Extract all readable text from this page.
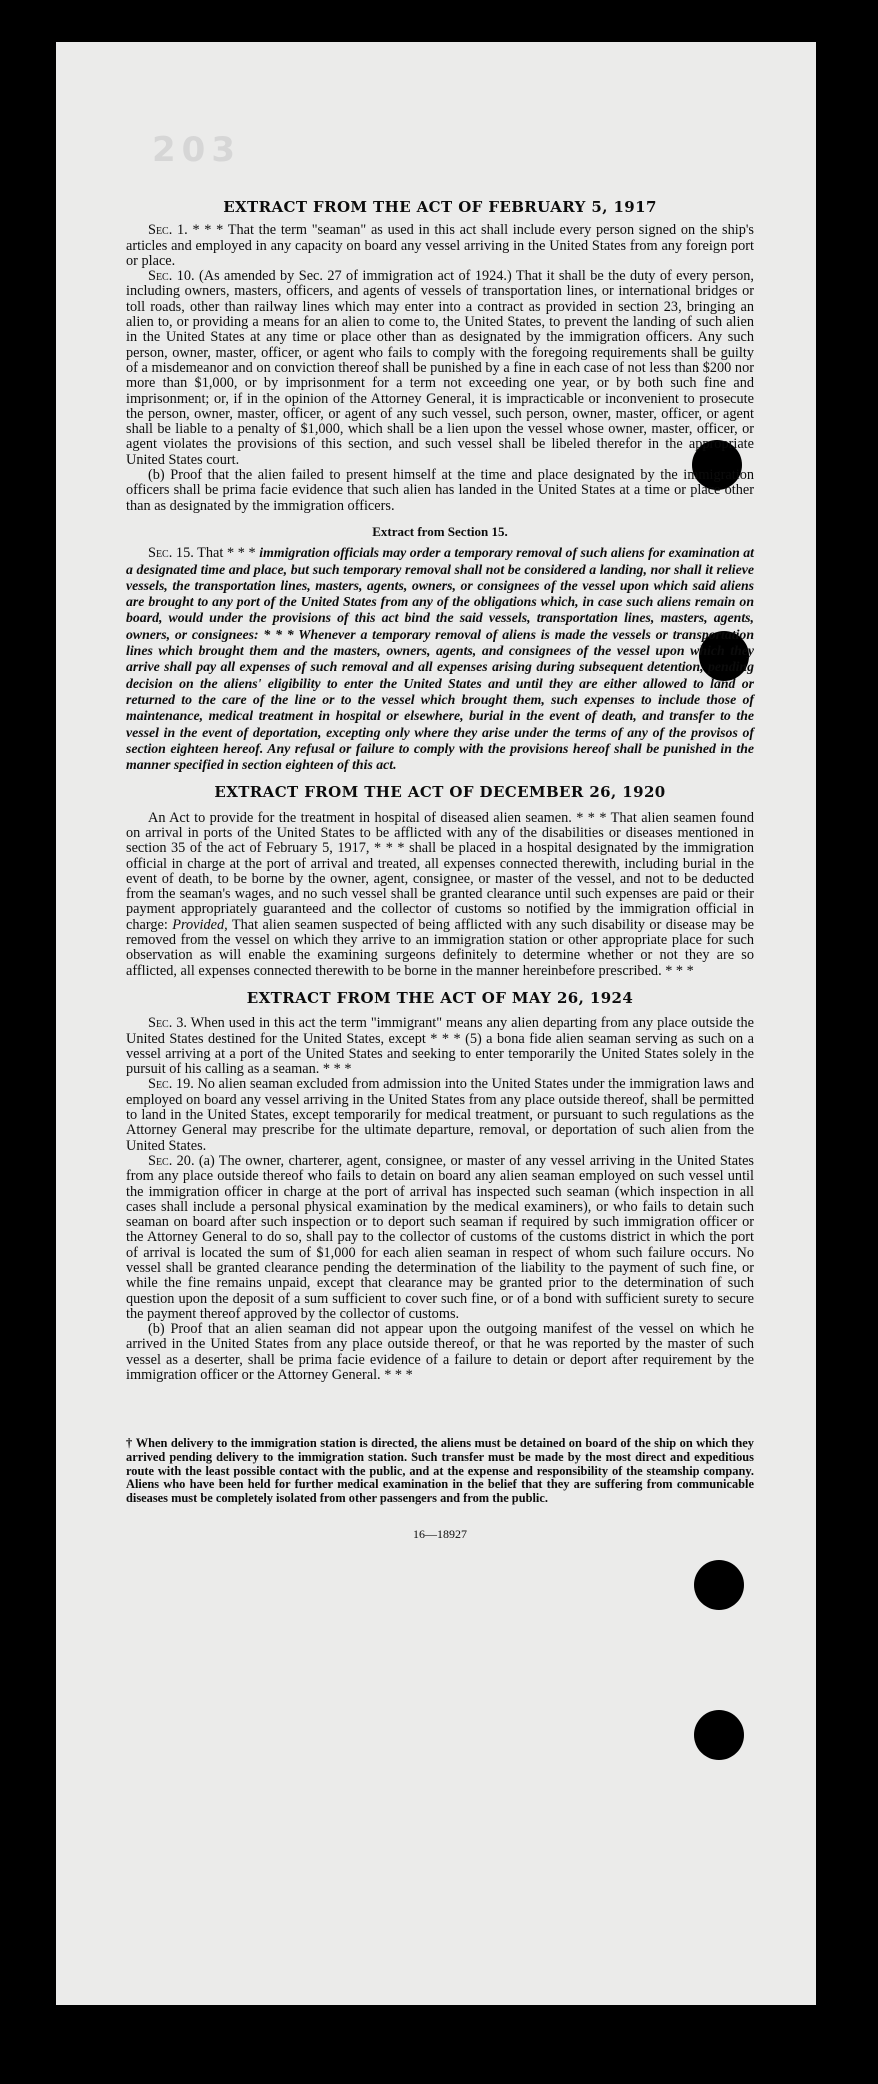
203
EXTRACT FROM THE ACT OF FEBRUARY 5, 1917

Sec. 1. * * * That the term "seaman" as used in this act shall include every person signed on the ship's articles and employed in any capacity on board any vessel arriving in the United States from any foreign port or place.

Sec. 10. (As amended by Sec. 27 of immigration act of 1924.) That it shall be the duty of every person, including owners, masters, officers, and agents of vessels of transportation lines, or international bridges or toll roads, other than railway lines which may enter into a contract as provided in section 23, bringing an alien to, or providing a means for an alien to come to, the United States, to prevent the landing of such alien in the United States at any time or place other than as designated by the immigration officers. Any such person, owner, master, officer, or agent who fails to comply with the foregoing requirements shall be guilty of a misdemeanor and on conviction thereof shall be punished by a fine in each case of not less than $200 nor more than $1,000, or by imprisonment for a term not exceeding one year, or by both such fine and imprisonment; or, if in the opinion of the Attorney General, it is impracticable or inconvenient to prosecute the person, owner, master, officer, or agent of any such vessel, such person, owner, master, officer, or agent shall be liable to a penalty of $1,000, which shall be a lien upon the vessel whose owner, master, officer, or agent violates the provisions of this section, and such vessel shall be libeled therefor in the appropriate United States court.

(b) Proof that the alien failed to present himself at the time and place designated by the immigration officers shall be prima facie evidence that such alien has landed in the United States at a time or place other than as designated by the immigration officers.

Extract from Section 15.

Sec. 15. That * * * immigration officials may order a temporary removal of such aliens for examination at a designated time and place, but such temporary removal shall not be considered a landing, nor shall it relieve vessels, the transportation lines, masters, agents, owners, or consignees of the vessel upon which said aliens are brought to any port of the United States from any of the obligations which, in case such aliens remain on board, would under the provisions of this act bind the said vessels, transportation lines, masters, agents, owners, or consignees: * * * Whenever a temporary removal of aliens is made the vessels or transportation lines which brought them and the masters, owners, agents, and consignees of the vessel upon which they arrive shall pay all expenses of such removal and all expenses arising during subsequent detention, pending decision on the aliens' eligibility to enter the United States and until they are either allowed to land or returned to the care of the line or to the vessel which brought them, such expenses to include those of maintenance, medical treatment in hospital or elsewhere, burial in the event of death, and transfer to the vessel in the event of deportation, excepting only where they arise under the terms of any of the provisos of section eighteen hereof. Any refusal or failure to comply with the provisions hereof shall be punished in the manner specified in section eighteen of this act.

EXTRACT FROM THE ACT OF DECEMBER 26, 1920

An Act to provide for the treatment in hospital of diseased alien seamen. * * * That alien seamen found on arrival in ports of the United States to be afflicted with any of the disabilities or diseases mentioned in section 35 of the act of February 5, 1917, * * * shall be placed in a hospital designated by the immigration official in charge at the port of arrival and treated, all expenses connected therewith, including burial in the event of death, to be borne by the owner, agent, consignee, or master of the vessel, and not to be deducted from the seaman's wages, and no such vessel shall be granted clearance until such expenses are paid or their payment appropriately guaranteed and the collector of customs so notified by the immigration official in charge: Provided, That alien seamen suspected of being afflicted with any such disability or disease may be removed from the vessel on which they arrive to an immigration station or other appropriate place for such observation as will enable the examining surgeons definitely to determine whether or not they are so afflicted, all expenses connected therewith to be borne in the manner hereinbefore prescribed. * * *

EXTRACT FROM THE ACT OF MAY 26, 1924

Sec. 3. When used in this act the term "immigrant" means any alien departing from any place outside the United States destined for the United States, except * * * (5) a bona fide alien seaman serving as such on a vessel arriving at a port of the United States and seeking to enter temporarily the United States solely in the pursuit of his calling as a seaman. * * *

Sec. 19. No alien seaman excluded from admission into the United States under the immigration laws and employed on board any vessel arriving in the United States from any place outside thereof, shall be permitted to land in the United States, except temporarily for medical treatment, or pursuant to such regulations as the Attorney General may prescribe for the ultimate departure, removal, or deportation of such alien from the United States.

Sec. 20. (a) The owner, charterer, agent, consignee, or master of any vessel arriving in the United States from any place outside thereof who fails to detain on board any alien seaman employed on such vessel until the immigration officer in charge at the port of arrival has inspected such seaman (which inspection in all cases shall include a personal physical examination by the medical examiners), or who fails to detain such seaman on board after such inspection or to deport such seaman if required by such immigration officer or the Attorney General to do so, shall pay to the collector of customs of the customs district in which the port of arrival is located the sum of $1,000 for each alien seaman in respect of whom such failure occurs. No vessel shall be granted clearance pending the determination of the liability to the payment of such fine, or while the fine remains unpaid, except that clearance may be granted prior to the determination of such question upon the deposit of a sum sufficient to cover such fine, or of a bond with sufficient surety to secure the payment thereof approved by the collector of customs.

(b) Proof that an alien seaman did not appear upon the outgoing manifest of the vessel on which he arrived in the United States from any place outside thereof, or that he was reported by the master of such vessel as a deserter, shall be prima facie evidence of a failure to detain or deport after requirement by the immigration officer or the Attorney General. * * *

† When delivery to the immigration station is directed, the aliens must be detained on board of the ship on which they arrived pending delivery to the immigration station. Such transfer must be made by the most direct and expeditious route with the least possible contact with the public, and at the expense and responsibility of the steamship company. Aliens who have been held for further medical examination in the belief that they are suffering from communicable diseases must be completely isolated from other passengers and from the public.
16—18927
